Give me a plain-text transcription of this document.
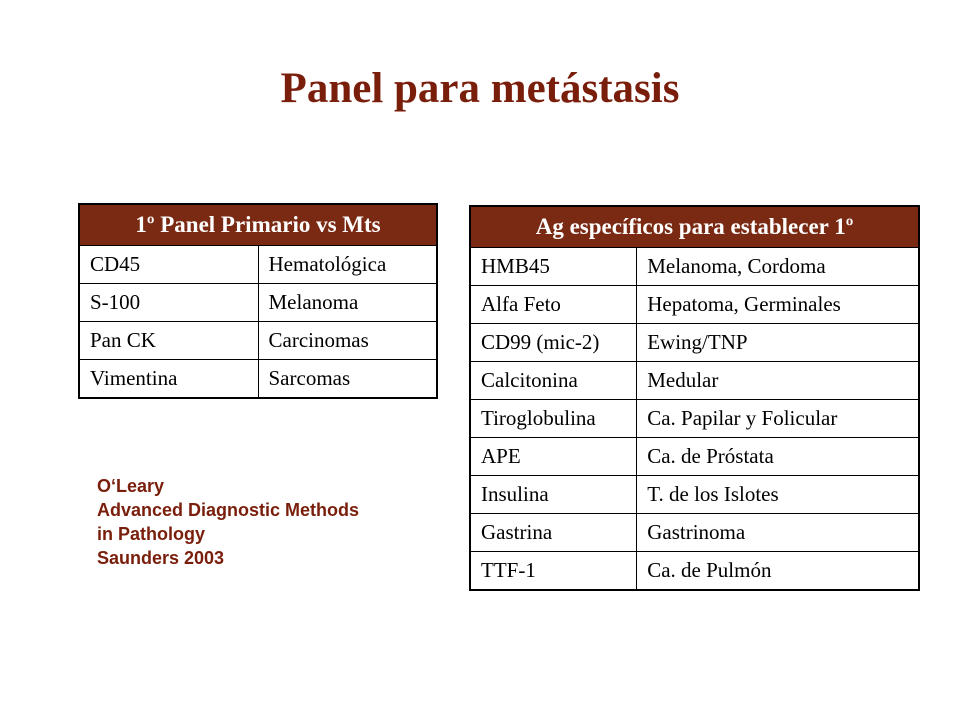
Panel para metástasis
1º Panel Primario vs Mts	
CD45	Hematológica
S-100	Melanoma
Pan CK	Carcinomas
Vimentina	Sarcomas
Ag específicos para establecer 1º	
HMB45	Melanoma, Cordoma
Alfa Feto	Hepatoma, Germinales
CD99 (mic-2)	Ewing/TNP
Calcitonina	Medular
Tiroglobulina	Ca. Papilar y Folicular
APE	Ca. de Próstata
Insulina	T. de los Islotes
Gastrina	Gastrinoma
TTF-1	Ca. de Pulmón
O‘Leary
Advanced Diagnostic Methods
in Pathology
Saunders 2003
